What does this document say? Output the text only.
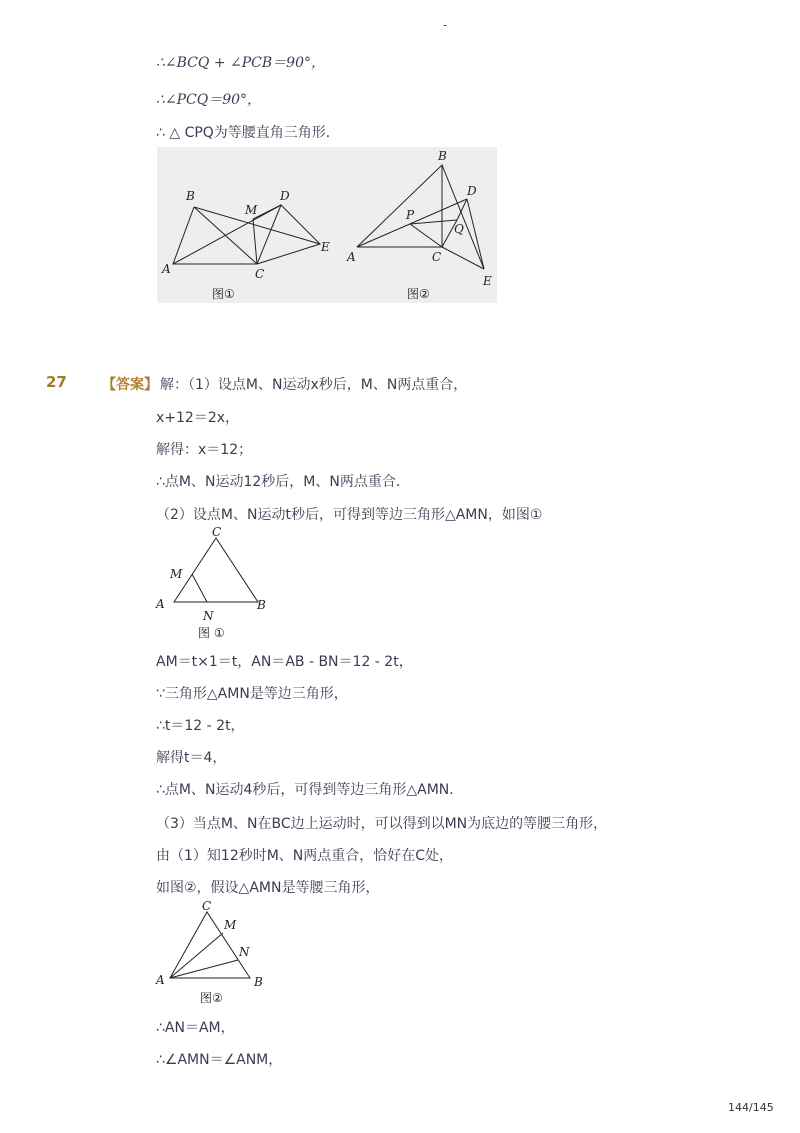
-
∴∠BCQ + ∠PCB＝90°，
∴∠PCQ＝90°，
∴ △ CPQ为等腰直角三角形．
B
M
D
E
A	C
图①
B
D
P
Q
A	C
E
图②
27	【答案】 解：（1）设点M、N运动x秒后，M、N两点重合，
x+12＝2x，
解得：x＝12；
∴点M、N运动12秒后，M、N两点重合．
（2）设点M、N运动t秒后，可得到等边三角形△AMN，如图①
C
M
A
N
B
图 ①
AM＝t×1＝t，AN＝AB - BN＝12 - 2t，
∵三角形△AMN是等边三角形，
∴t＝12 - 2t，
解得t＝4，
∴点M、N运动4秒后，可得到等边三角形△AMN．
（3）当点M、N在BC边上运动时，可以得到以MN为底边的等腰三角形，
由（1）知12秒时M、N两点重合，恰好在C处，
如图②，假设△AMN是等腰三角形，
C
M
N
A	B
图②
∴AN＝AM，
∴∠AMN＝∠ANM，
144/145
